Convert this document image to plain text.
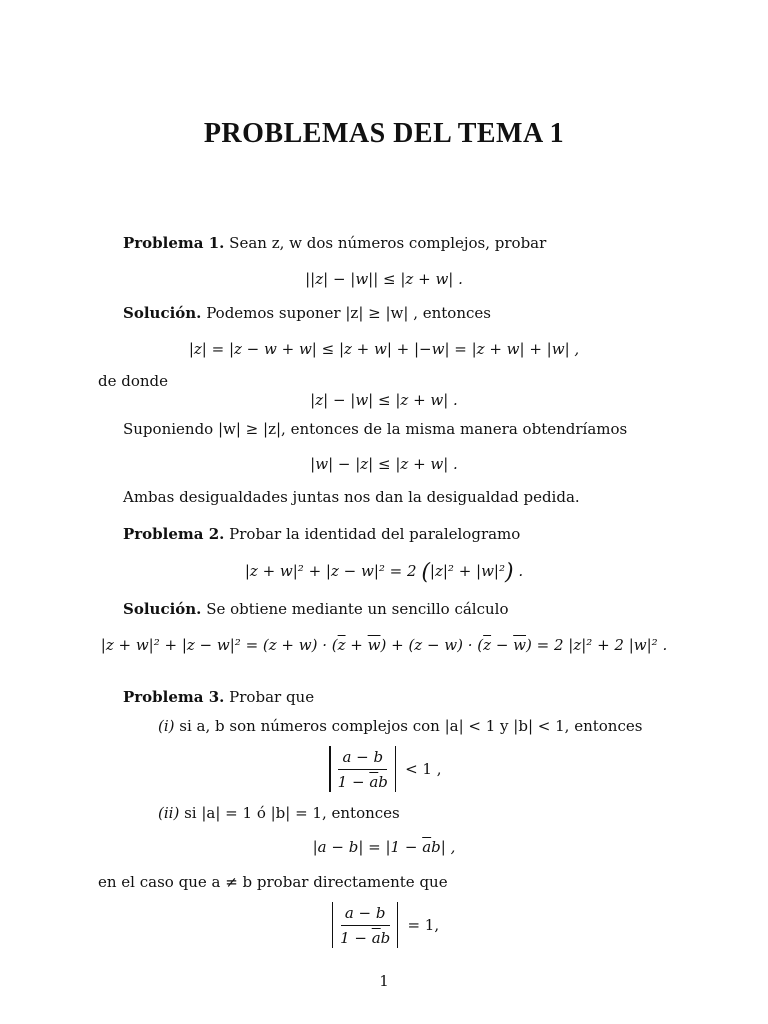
PROBLEMAS DEL TEMA 1
Problema 1. Sean z, w dos números complejos, probar
||z| − |w|| ≤ |z + w| .
Solución. Podemos suponer |z| ≥ |w| , entonces
|z| = |z − w + w| ≤ |z + w| + |−w| = |z + w| + |w| ,
de donde
|z| − |w| ≤ |z + w| .
Suponiendo |w| ≥ |z|, entonces de la misma manera obtendríamos
|w| − |z| ≤ |z + w| .
Ambas desigualdades juntas nos dan la desigualdad pedida.
Problema 2. Probar la identidad del paralelogramo
|z + w|² + |z − w|² = 2 (|z|² + |w|²) .
Solución. Se obtiene mediante un sencillo cálculo
$|z + w|^2 + |z - w|^2 = (z + w) \cdot (\overline{z} + \overline{w}) + (z - w) \cdot (\overline{z} - \overline{w}) = 2$ |z|² + 2 |w|² .
Problema 3. Probar que
(i) si a, b son números complejos con |a| < 1 y |b| < 1, entonces
$\frac{a - b}{1 - \overline{a}b} < 1$ ,
(ii) si |a| = 1 ó |b| = 1, entonces
$|a - b| = |1 - \overline{a}b|$ ,
en el caso que a ≠ b probar directamente que
$\frac{a - b}{1 - \overline{a}b} = 1$,
1
